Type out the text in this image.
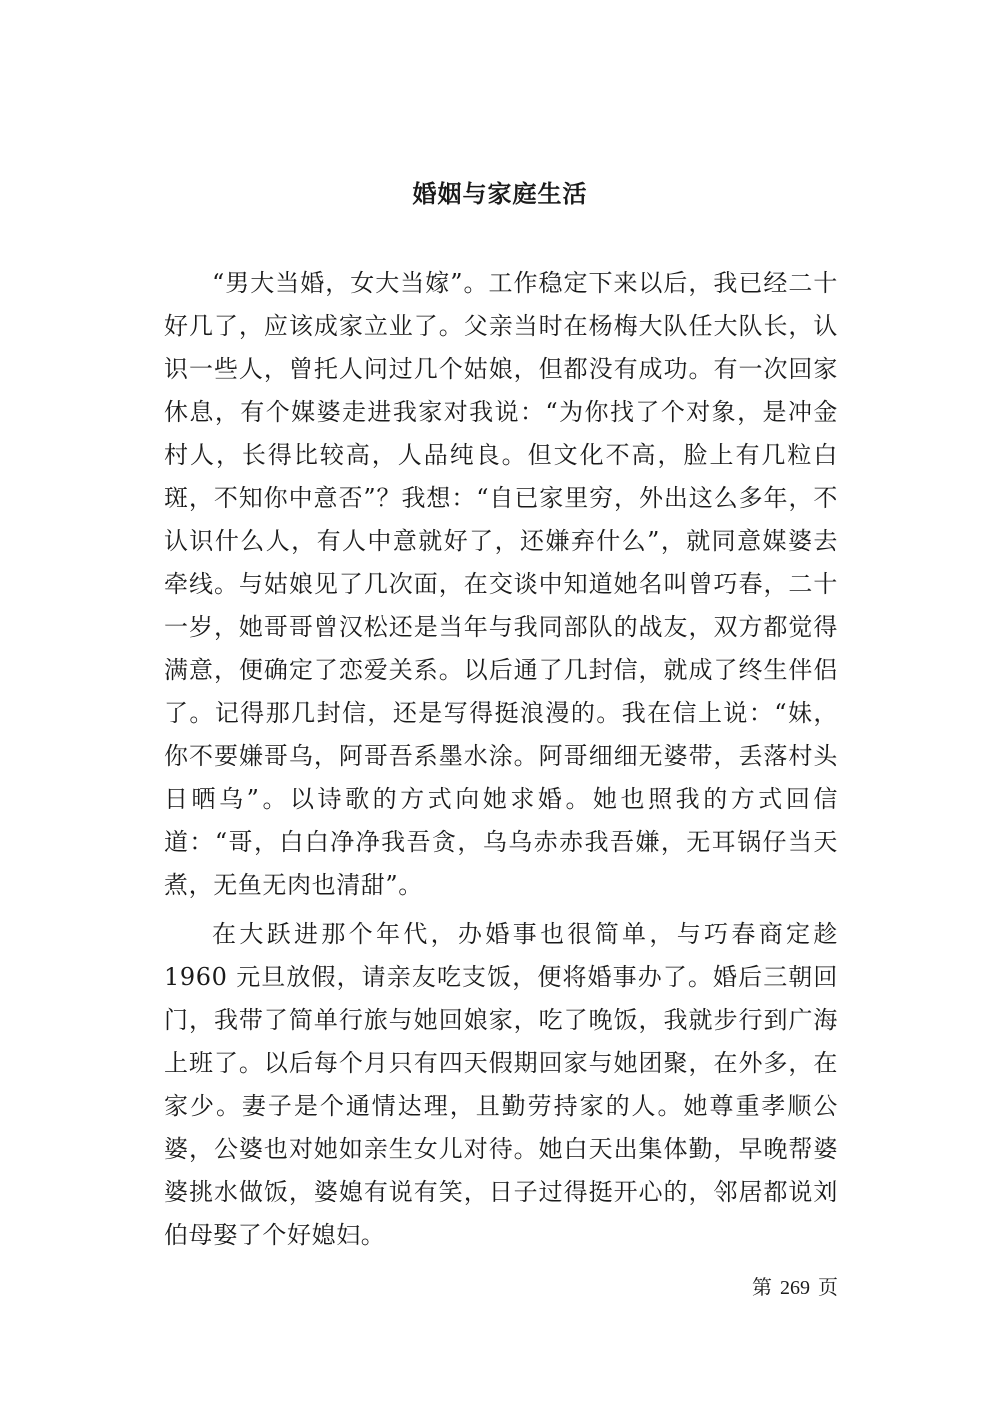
婚姻与家庭生活

“男大当婚，女大当嫁”。工作稳定下来以后，我已经二十好几了，应该成家立业了。父亲当时在杨梅大队任大队长，认识一些人，曾托人问过几个姑娘，但都没有成功。有一次回家休息，有个媒婆走进我家对我说：“为你找了个对象，是冲金村人，长得比较高，人品纯良。但文化不高，脸上有几粒白斑，不知你中意否”？我想：“自已家里穷，外出这么多年，不认识什么人，有人中意就好了，还嫌弃什么”，就同意媒婆去牵线。与姑娘见了几次面，在交谈中知道她名叫曾巧春，二十一岁，她哥哥曾汉松还是当年与我同部队的战友，双方都觉得满意，便确定了恋爱关系。以后通了几封信，就成了终生伴侣了。记得那几封信，还是写得挺浪漫的。我在信上说：“妹，你不要嫌哥乌，阿哥吾系墨水涂。阿哥细细无婆带，丢落村头日晒乌”。以诗歌的方式向她求婚。她也照我的方式回信道：“哥，白白净净我吾贪，乌乌赤赤我吾嫌，无耳锅仔当天煮，无鱼无肉也清甜”。

在大跃进那个年代，办婚事也很简单，与巧春商定趁 1960 元旦放假，请亲友吃支饭，便将婚事办了。婚后三朝回门，我带了简单行旅与她回娘家，吃了晚饭，我就步行到广海上班了。以后每个月只有四天假期回家与她团聚，在外多，在家少。妻子是个通情达理，且勤劳持家的人。她尊重孝顺公婆，公婆也对她如亲生女儿对待。她白天出集体勤，早晚帮婆婆挑水做饭，婆媳有说有笑，日子过得挺开心的，邻居都说刘伯母娶了个好媳妇。

第 269 页
